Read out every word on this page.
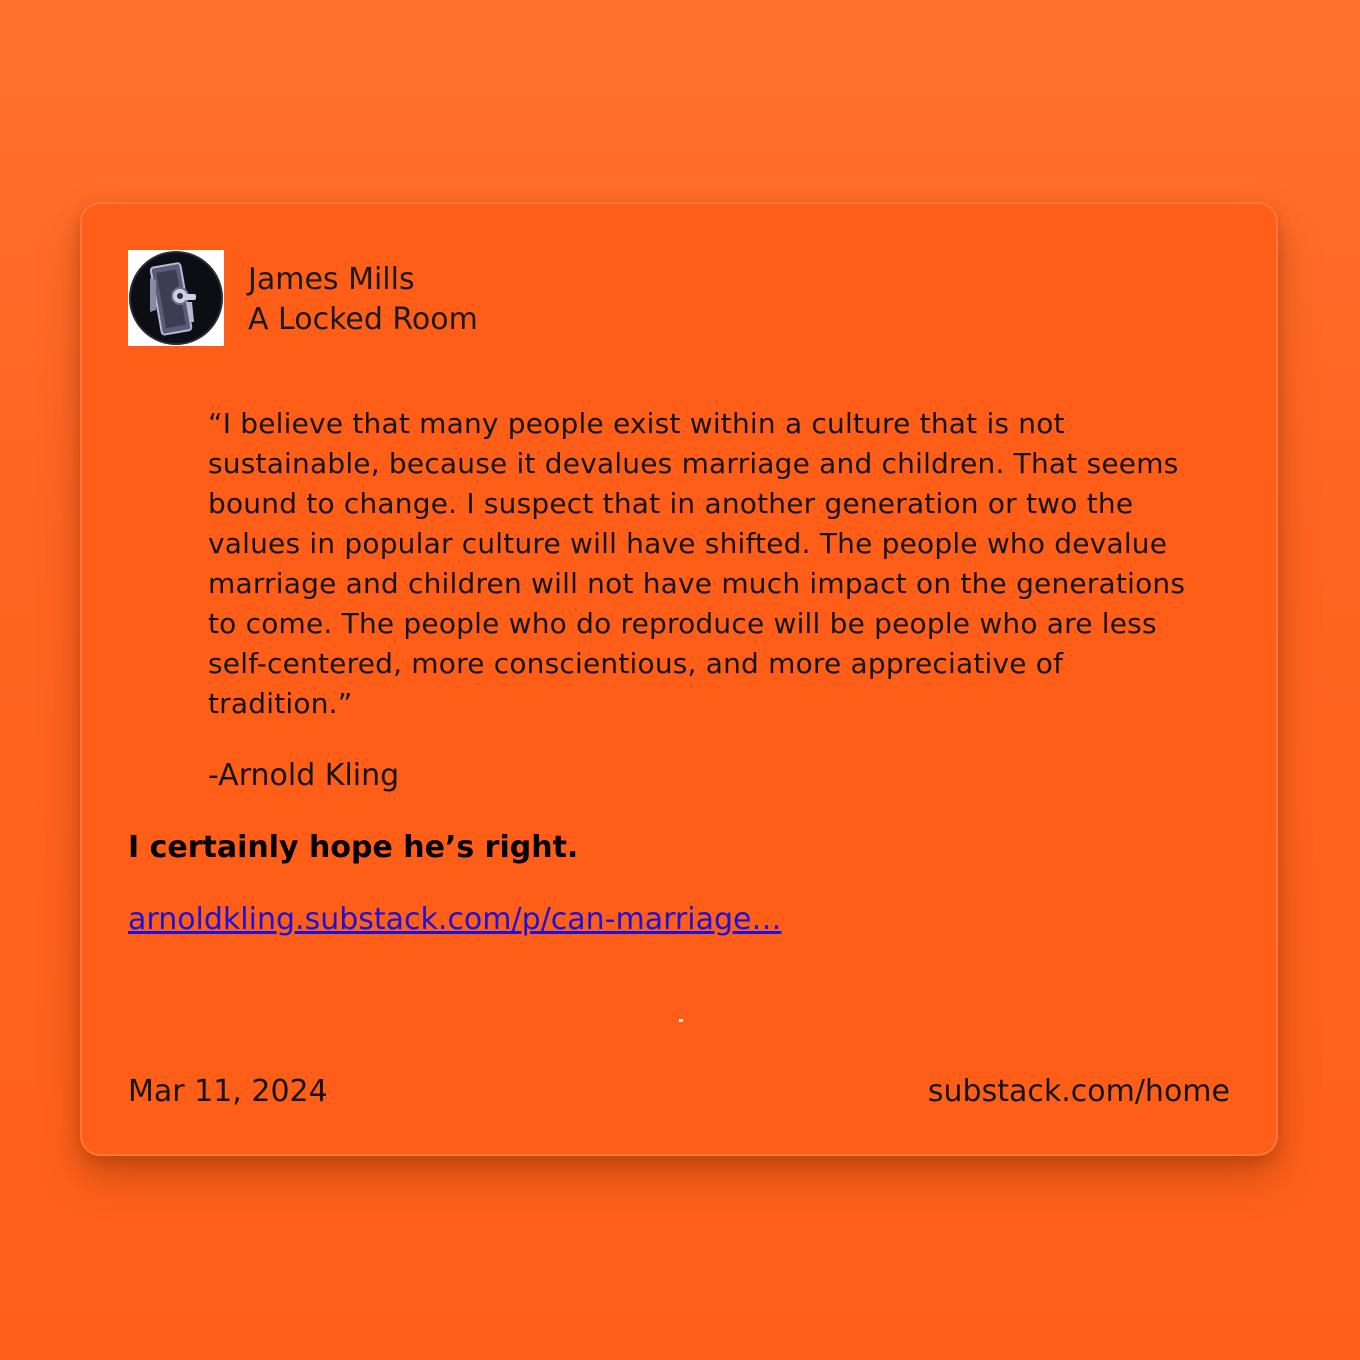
James Mills
A Locked Room

“I believe that many people exist within a culture that is not sustainable, because it devalues marriage and children. That seems bound to change. I suspect that in another generation or two the values in popular culture will have shifted. The people who devalue marriage and children will not have much impact on the generations to come. The people who do reproduce will be people who are less self-centered, more conscientious, and more appreciative of tradition.”

-Arnold Kling
I certainly hope he’s right.
arnoldkling.substack.com/p/can-marriage…
Mar 11, 2024	substack.com/home
